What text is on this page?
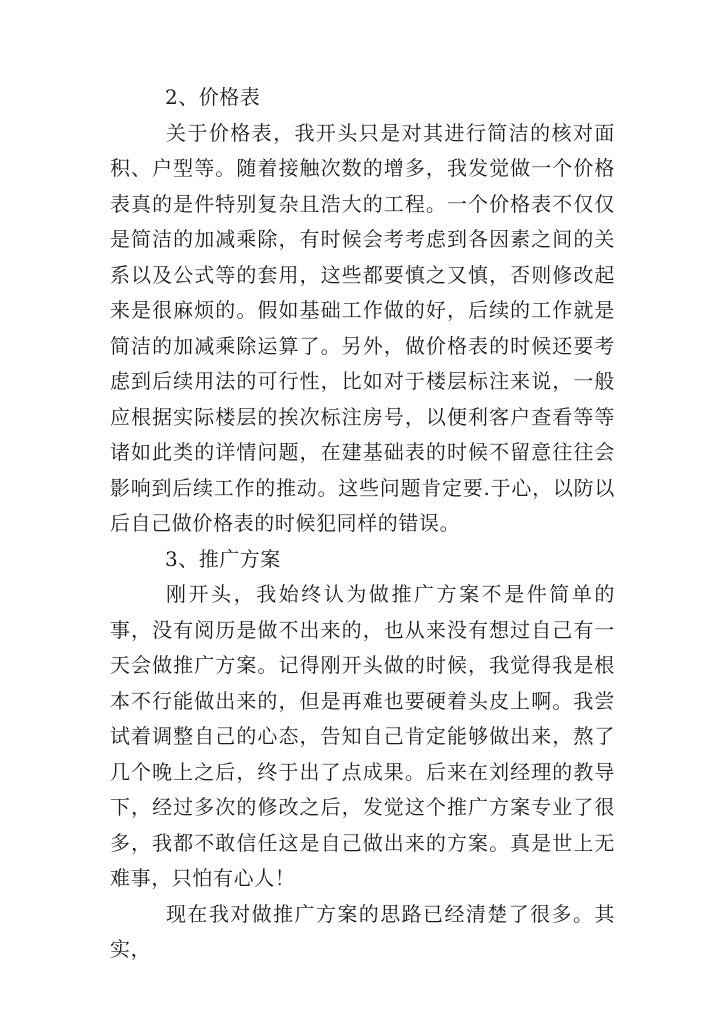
2、价格表

关于价格表，我开头只是对其进行简洁的核对面积、户型等。随着接触次数的增多，我发觉做一个价格表真的是件特别复杂且浩大的工程。一个价格表不仅仅是简洁的加减乘除，有时候会考考虑到各因素之间的关系以及公式等的套用，这些都要慎之又慎，否则修改起来是很麻烦的。假如基础工作做的好，后续的工作就是简洁的加减乘除运算了。另外，做价格表的时候还要考虑到后续用法的可行性，比如对于楼层标注来说，一般应根据实际楼层的挨次标注房号，以便利客户查看等等诸如此类的详情问题，在建基础表的时候不留意往往会影响到后续工作的推动。这些问题肯定要.于心，以防以后自己做价格表的时候犯同样的错误。

3、推广方案

刚开头，我始终认为做推广方案不是件简单的事，没有阅历是做不出来的，也从来没有想过自己有一天会做推广方案。记得刚开头做的时候，我觉得我是根本不行能做出来的，但是再难也要硬着头皮上啊。我尝试着调整自己的心态，告知自己肯定能够做出来，熬了几个晚上之后，终于出了点成果。后来在刘经理的教导下，经过多次的修改之后，发觉这个推广方案专业了很多，我都不敢信任这是自己做出来的方案。真是世上无难事，只怕有心人！

现在我对做推广方案的思路已经清楚了很多。其实，
